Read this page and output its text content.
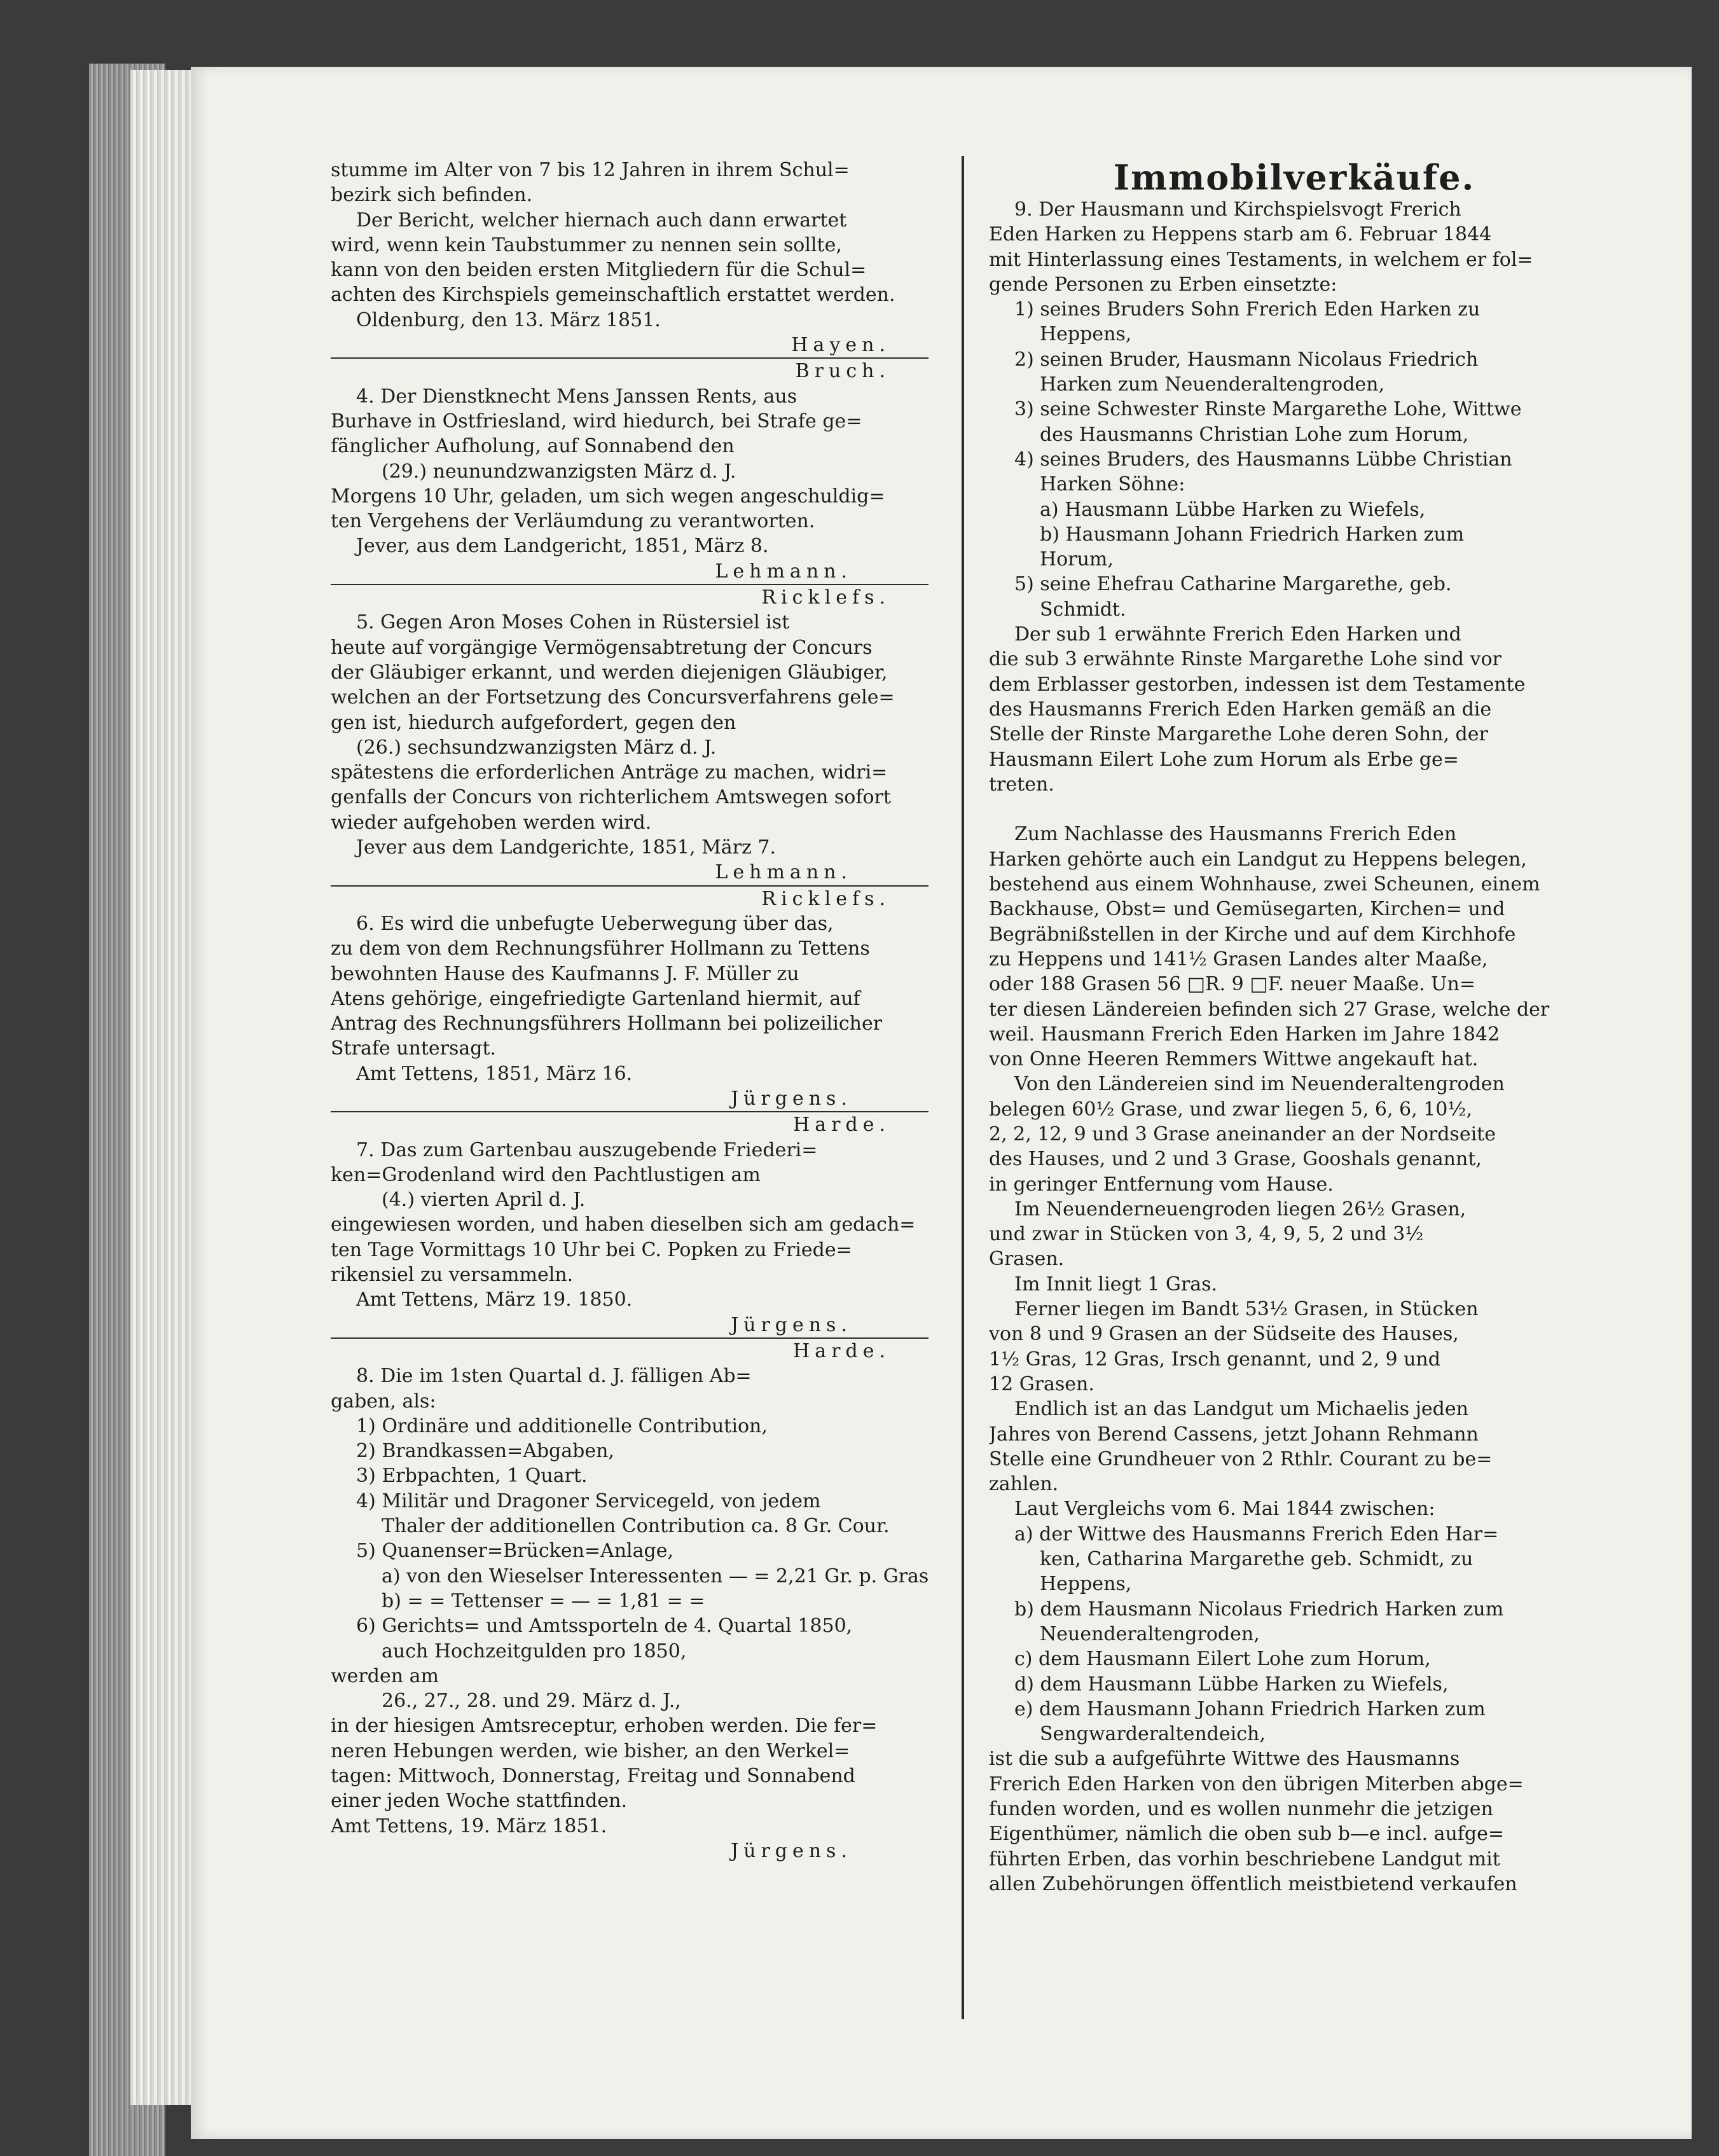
stumme im Alter von 7 bis 12 Jahren in ihrem Schul=
bezirk sich befinden.
Der Bericht, welcher hiernach auch dann erwartet
wird, wenn kein Taubstummer zu nennen sein sollte,
kann von den beiden ersten Mitgliedern für die Schul=
achten des Kirchspiels gemeinschaftlich erstattet werden.
Oldenburg, den 13. März 1851.
Hayen.
Bruch.
4. Der Dienstknecht Mens Janssen Rents, aus
Burhave in Ostfriesland, wird hiedurch, bei Strafe ge=
fänglicher Aufholung, auf Sonnabend den
(29.) neunundzwanzigsten März d. J.
Morgens 10 Uhr, geladen, um sich wegen angeschuldig=
ten Vergehens der Verläumdung zu verantworten.
Jever, aus dem Landgericht, 1851, März 8.
Lehmann.
Ricklefs.
5. Gegen Aron Moses Cohen in Rüstersiel ist
heute auf vorgängige Vermögensabtretung der Concurs
der Gläubiger erkannt, und werden diejenigen Gläubiger,
welchen an der Fortsetzung des Concursverfahrens gele=
gen ist, hiedurch aufgefordert, gegen den
(26.) sechsundzwanzigsten März d. J.
spätestens die erforderlichen Anträge zu machen, widri=
genfalls der Concurs von richterlichem Amtswegen sofort
wieder aufgehoben werden wird.
Jever aus dem Landgerichte, 1851, März 7.
Lehmann.
Ricklefs.
6. Es wird die unbefugte Ueberwegung über das,
zu dem von dem Rechnungsführer Hollmann zu Tettens
bewohnten Hause des Kaufmanns J. F. Müller zu
Atens gehörige, eingefriedigte Gartenland hiermit, auf
Antrag des Rechnungsführers Hollmann bei polizeilicher
Strafe untersagt.
Amt Tettens, 1851, März 16.
Jürgens.
Harde.
7. Das zum Gartenbau auszugebende Friederi=
ken=Grodenland wird den Pachtlustigen am
(4.) vierten April d. J.
eingewiesen worden, und haben dieselben sich am gedach=
ten Tage Vormittags 10 Uhr bei C. Popken zu Friede=
rikensiel zu versammeln.
Amt Tettens, März 19. 1850.
Jürgens.
Harde.
8. Die im 1sten Quartal d. J. fälligen Ab=
gaben, als:
1) Ordinäre und additionelle Contribution,
2) Brandkassen=Abgaben,
3) Erbpachten, 1 Quart.
4) Militär und Dragoner Servicegeld, von jedem
Thaler der additionellen Contribution ca. 8 Gr. Cour.
5) Quanenser=Brücken=Anlage,
a) von den Wieselser Interessenten — = 2,21 Gr. p. Gras
b) = = Tettenser = — = 1,81 = =
6) Gerichts= und Amtssporteln de 4. Quartal 1850,
auch Hochzeitgulden pro 1850,
werden am
26., 27., 28. und 29. März d. J.,
in der hiesigen Amtsreceptur, erhoben werden. Die fer=
neren Hebungen werden, wie bisher, an den Werkel=
tagen: Mittwoch, Donnerstag, Freitag und Sonnabend
einer jeden Woche stattfinden.
Amt Tettens, 19. März 1851.
Jürgens.
Immobilverkäufe.
9. Der Hausmann und Kirchspielsvogt Frerich
Eden Harken zu Heppens starb am 6. Februar 1844
mit Hinterlassung eines Testaments, in welchem er fol=
gende Personen zu Erben einsetzte:
1) seines Bruders Sohn Frerich Eden Harken zu
Heppens,
2) seinen Bruder, Hausmann Nicolaus Friedrich
Harken zum Neuenderaltengroden,
3) seine Schwester Rinste Margarethe Lohe, Wittwe
des Hausmanns Christian Lohe zum Horum,
4) seines Bruders, des Hausmanns Lübbe Christian
Harken Söhne:
a) Hausmann Lübbe Harken zu Wiefels,
b) Hausmann Johann Friedrich Harken zum
Horum,
5) seine Ehefrau Catharine Margarethe, geb.
Schmidt.
Der sub 1 erwähnte Frerich Eden Harken und
die sub 3 erwähnte Rinste Margarethe Lohe sind vor
dem Erblasser gestorben, indessen ist dem Testamente
des Hausmanns Frerich Eden Harken gemäß an die
Stelle der Rinste Margarethe Lohe deren Sohn, der
Hausmann Eilert Lohe zum Horum als Erbe ge=
treten.
Zum Nachlasse des Hausmanns Frerich Eden
Harken gehörte auch ein Landgut zu Heppens belegen,
bestehend aus einem Wohnhause, zwei Scheunen, einem
Backhause, Obst= und Gemüsegarten, Kirchen= und
Begräbnißstellen in der Kirche und auf dem Kirchhofe
zu Heppens und 141½ Grasen Landes alter Maaße,
oder 188 Grasen 56 □R. 9 □F. neuer Maaße. Un=
ter diesen Ländereien befinden sich 27 Grase, welche der
weil. Hausmann Frerich Eden Harken im Jahre 1842
von Onne Heeren Remmers Wittwe angekauft hat.
Von den Ländereien sind im Neuenderaltengroden
belegen 60½ Grase, und zwar liegen 5, 6, 6, 10½,
2, 2, 12, 9 und 3 Grase aneinander an der Nordseite
des Hauses, und 2 und 3 Grase, Gooshals genannt,
in geringer Entfernung vom Hause.
Im Neuenderneuengroden liegen 26½ Grasen,
und zwar in Stücken von 3, 4, 9, 5, 2 und 3½
Grasen.
Im Innit liegt 1 Gras.
Ferner liegen im Bandt 53½ Grasen, in Stücken
von 8 und 9 Grasen an der Südseite des Hauses,
1½ Gras, 12 Gras, Irsch genannt, und 2, 9 und
12 Grasen.
Endlich ist an das Landgut um Michaelis jeden
Jahres von Berend Cassens, jetzt Johann Rehmann
Stelle eine Grundheuer von 2 Rthlr. Courant zu be=
zahlen.
Laut Vergleichs vom 6. Mai 1844 zwischen:
a) der Wittwe des Hausmanns Frerich Eden Har=
ken, Catharina Margarethe geb. Schmidt, zu
Heppens,
b) dem Hausmann Nicolaus Friedrich Harken zum
Neuenderaltengroden,
c) dem Hausmann Eilert Lohe zum Horum,
d) dem Hausmann Lübbe Harken zu Wiefels,
e) dem Hausmann Johann Friedrich Harken zum
Sengwarderaltendeich,
ist die sub a aufgeführte Wittwe des Hausmanns
Frerich Eden Harken von den übrigen Miterben abge=
funden worden, und es wollen nunmehr die jetzigen
Eigenthümer, nämlich die oben sub b—e incl. aufge=
führten Erben, das vorhin beschriebene Landgut mit
allen Zubehörungen öffentlich meistbietend verkaufen
